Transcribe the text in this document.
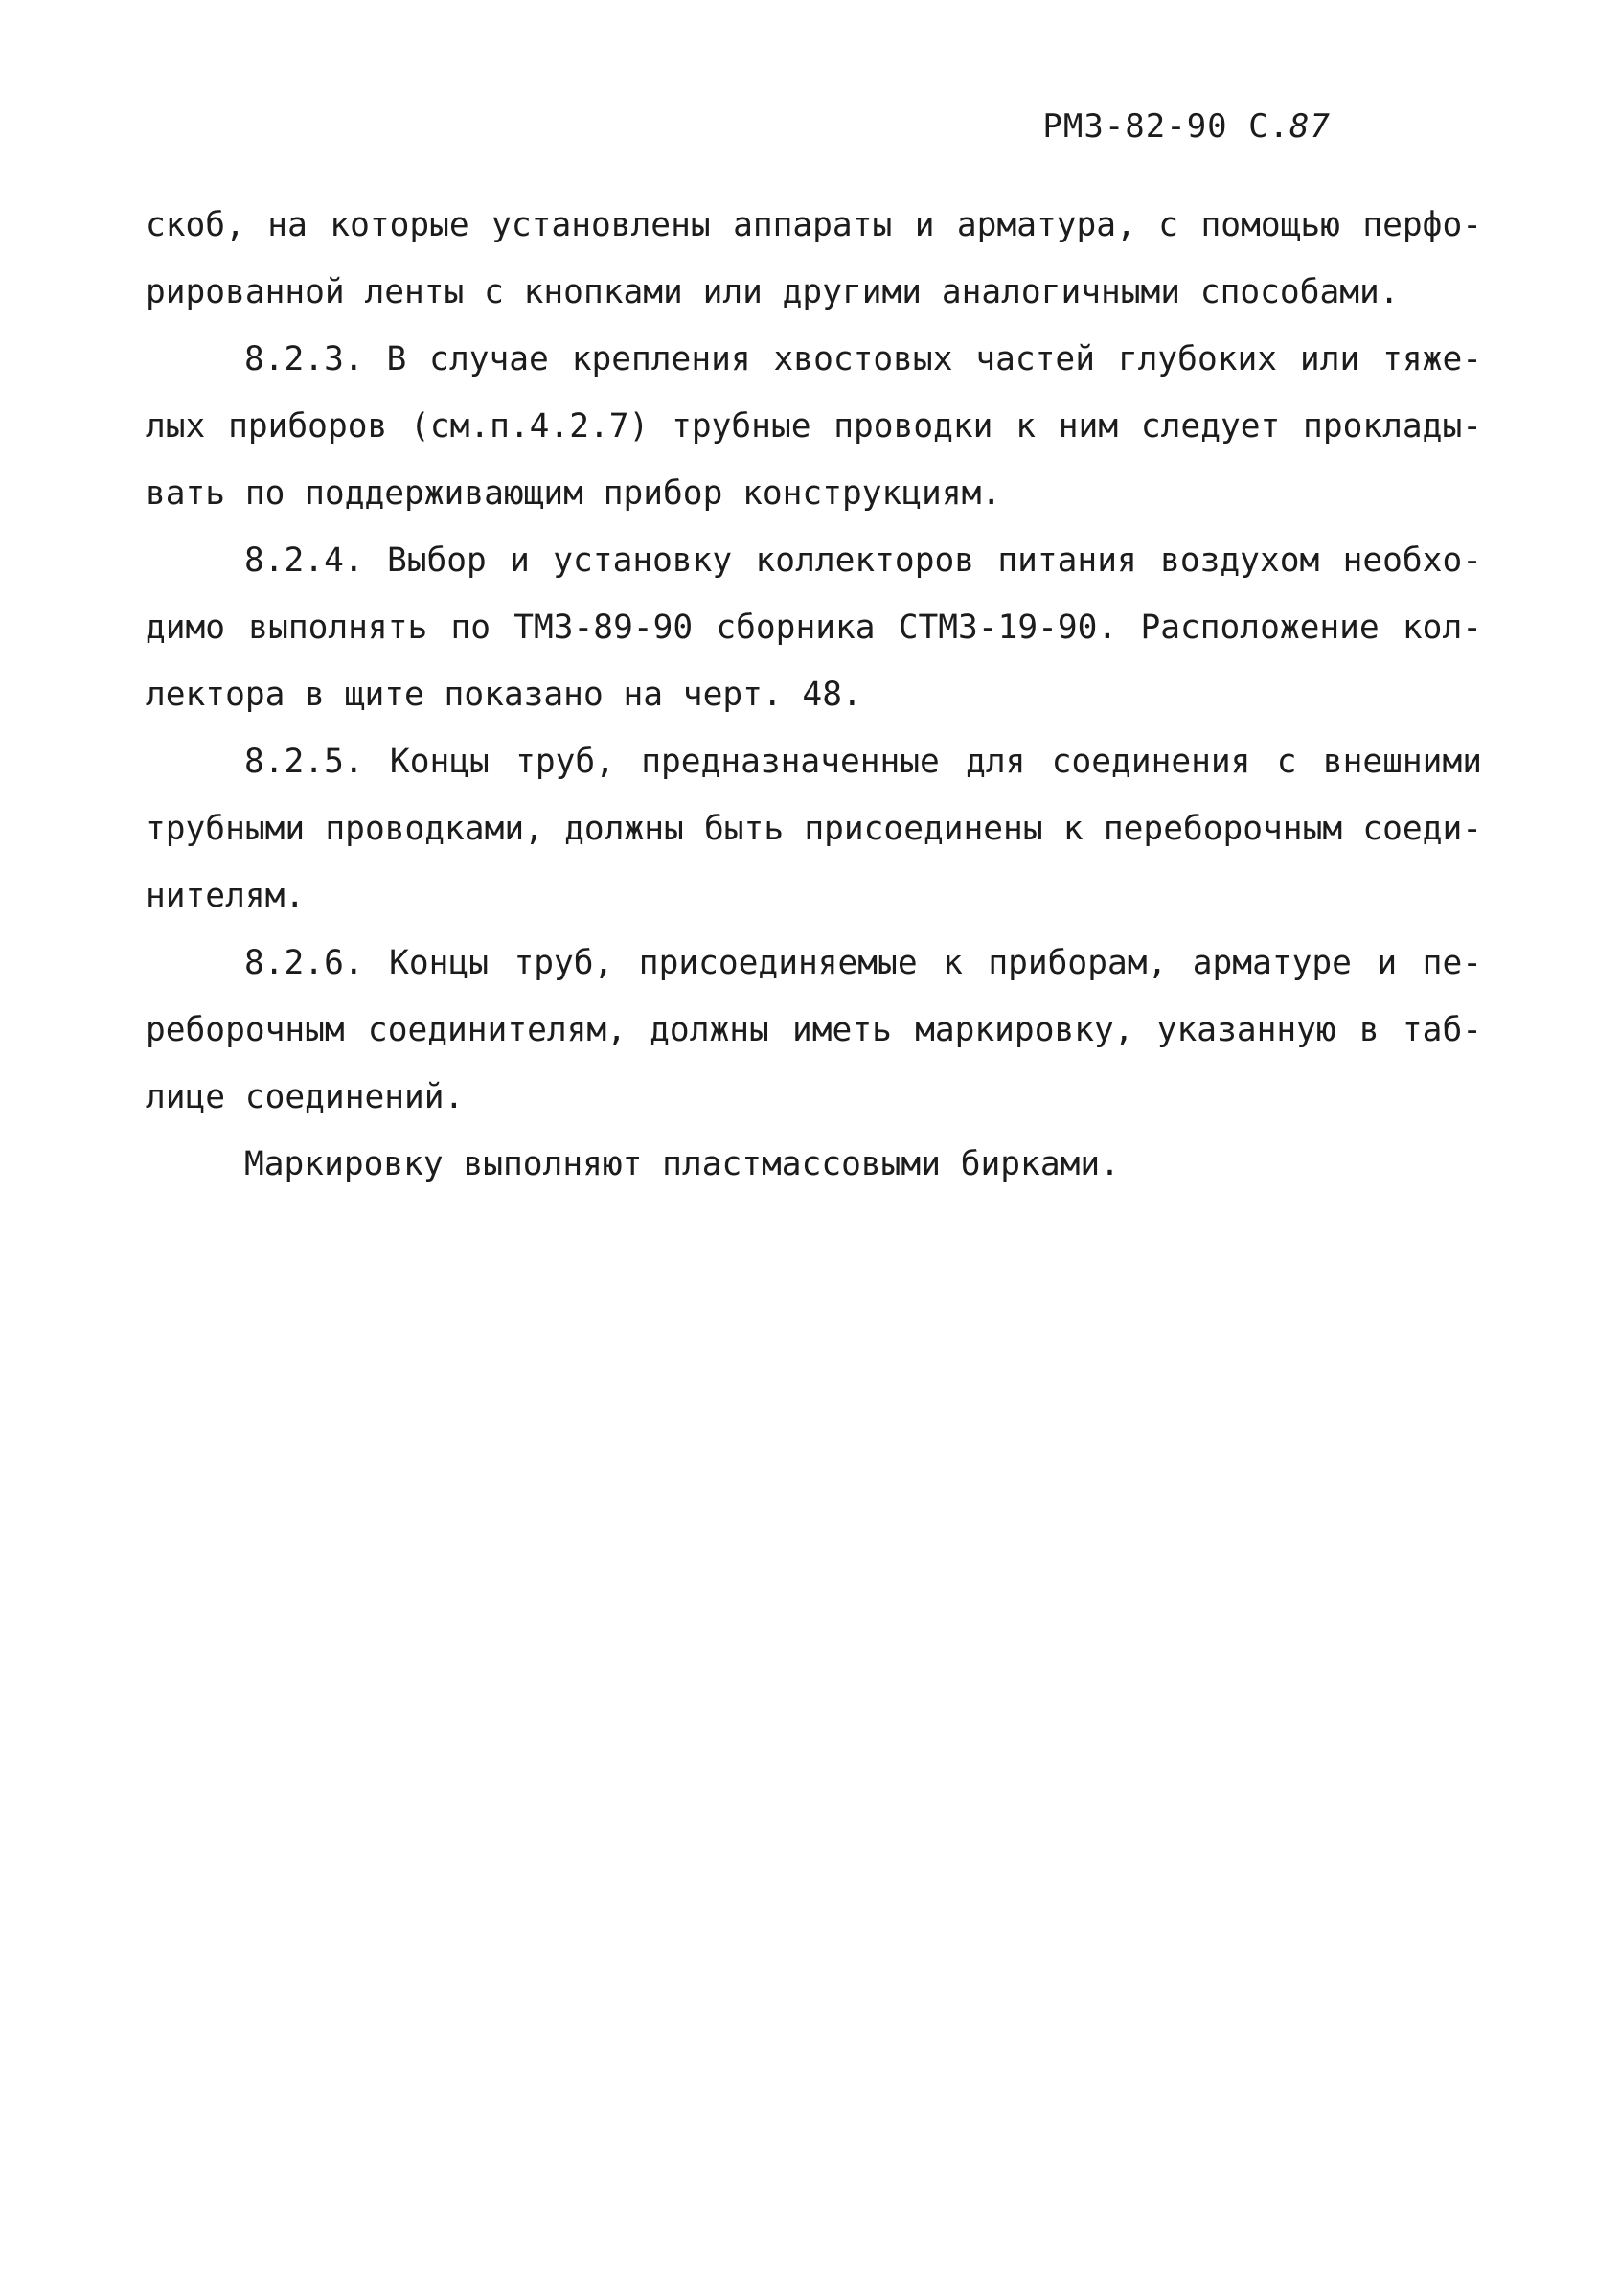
РМЗ-82-90 С.87
скоб, на которые установлены аппараты и арматура, с помощью перфо-
рированной ленты с кнопками или другими аналогичными способами.
8.2.3. В случае крепления хвостовых частей глубоких или тяже-
лых приборов (см.п.4.2.7) трубные проводки к ним следует проклады-
вать по поддерживающим прибор конструкциям.
8.2.4. Выбор и установку коллекторов питания воздухом необхо-
димо выполнять по ТМЗ-89-90 сборника СТМЗ-19-90. Расположение кол-
лектора в щите показано на черт. 48.
8.2.5. Концы труб, предназначенные для соединения с внешними
трубными проводками, должны быть присоединены к переборочным соеди-
нителям.
8.2.6. Концы труб, присоединяемые к приборам, арматуре и пе-
реборочным соединителям, должны иметь маркировку, указанную в таб-
лице соединений.
Маркировку выполняют пластмассовыми бирками.
